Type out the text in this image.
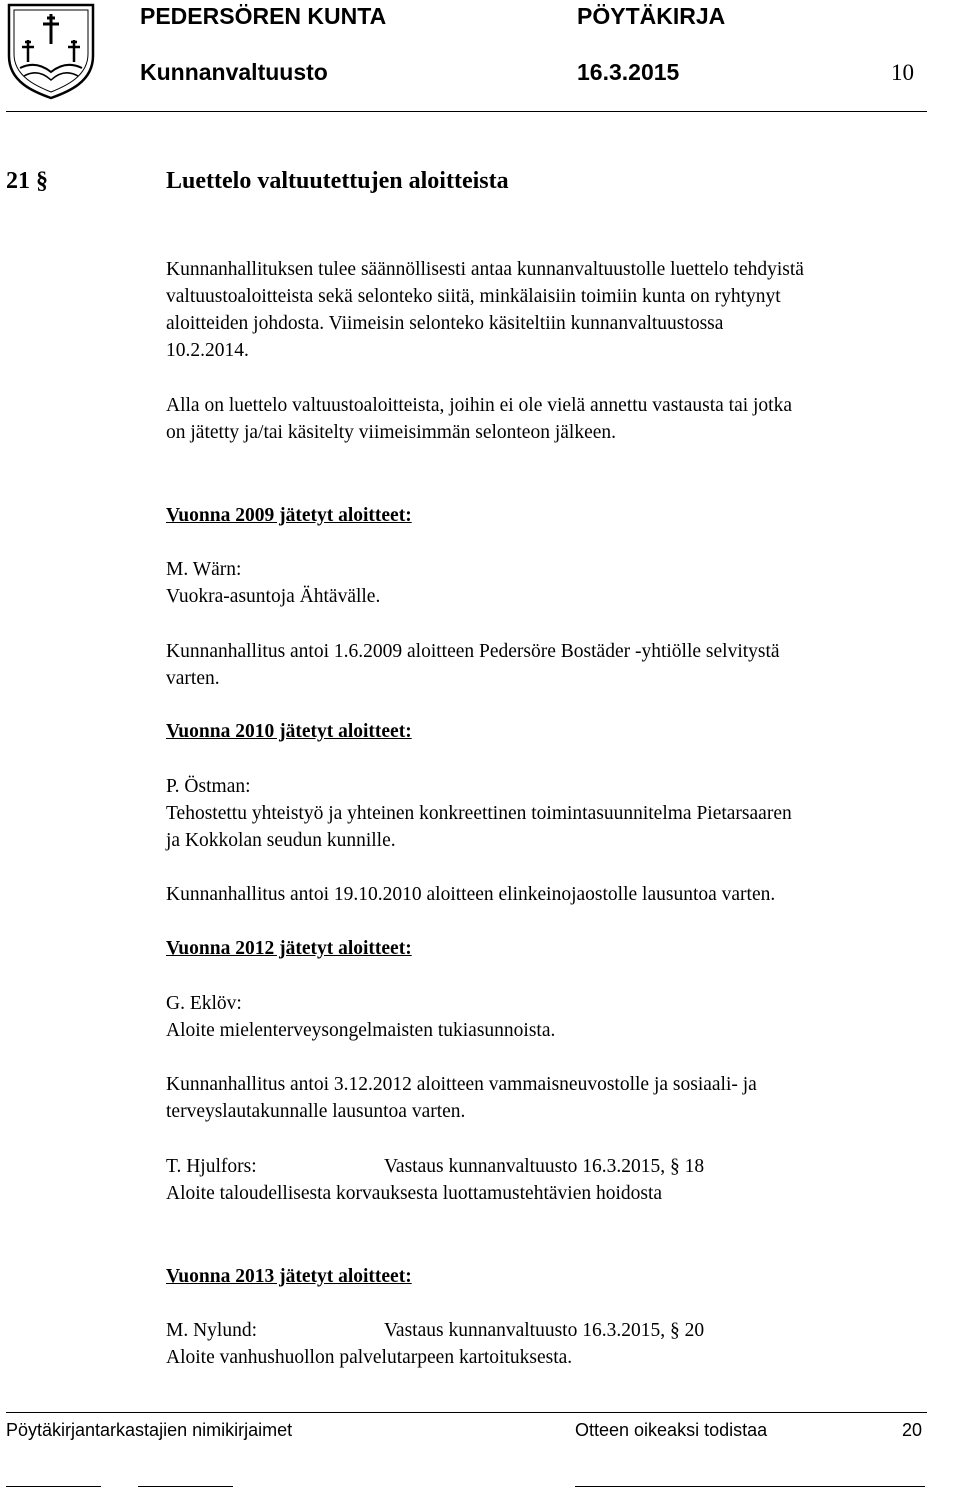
PEDERSÖREN KUNTA	PÖYTÄKIRJA
Kunnanvaltuusto	16.3.2015	10
21 §	Luettelo valtuutettujen aloitteista
Kunnanhallituksen tulee säännöllisesti antaa kunnanvaltuustolle luettelo tehdyistä
valtuustoaloitteista sekä selonteko siitä, minkälaisiin toimiin kunta on ryhtynyt
aloitteiden johdosta. Viimeisin selonteko käsiteltiin kunnanvaltuustossa
10.2.2014.
Alla on luettelo valtuustoaloitteista, joihin ei ole vielä annettu vastausta tai jotka
on jätetty ja/tai käsitelty viimeisimmän selonteon jälkeen.
Vuonna 2009 jätetyt aloitteet:
M. Wärn:
Vuokra-asuntoja Ähtävälle.
Kunnanhallitus antoi 1.6.2009 aloitteen Pedersöre Bostäder -yhtiölle selvitystä
varten.
Vuonna 2010 jätetyt aloitteet:
P. Östman:
Tehostettu yhteistyö ja yhteinen konkreettinen toimintasuunnitelma Pietarsaaren
ja Kokkolan seudun kunnille.
Kunnanhallitus antoi 19.10.2010 aloitteen elinkeinojaostolle lausuntoa varten.
Vuonna 2012 jätetyt aloitteet:
G. Eklöv:
Aloite mielenterveysongelmaisten tukiasunnoista.
Kunnanhallitus antoi 3.12.2012 aloitteen vammaisneuvostolle ja sosiaali- ja
terveyslautakunnalle lausuntoa varten.
T. Hjulfors:	Vastaus kunnanvaltuusto 16.3.2015, § 18
Aloite taloudellisesta korvauksesta luottamustehtävien hoidosta
Vuonna 2013 jätetyt aloitteet:
M. Nylund:	Vastaus kunnanvaltuusto 16.3.2015, § 20
Aloite vanhushuollon palvelutarpeen kartoituksesta.
Pöytäkirjantarkastajien nimikirjaimet	Otteen oikeaksi todistaa	20
